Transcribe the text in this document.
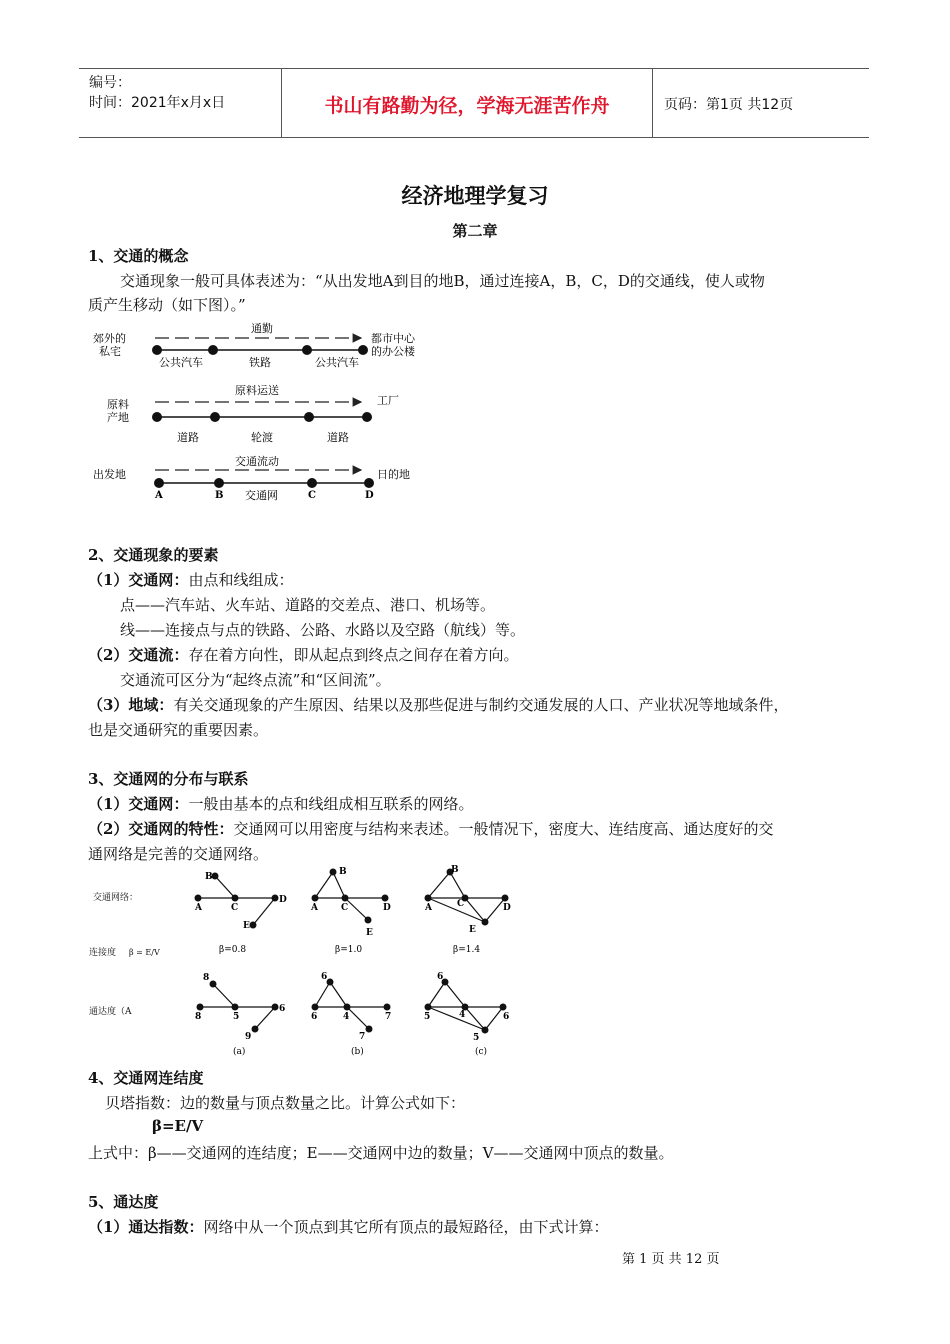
编号：
时间：2021年x月x日	书山有路勤为径，学海无涯苦作舟	页码：第1页 共12页
经济地理学复习
第二章
1、交通的概念
交通现象一般可具体表述为：“从出发地A到目的地B，通过连接A，B，C，D的交通线，使人或物
质产生移动（如下图）。”
郊外的
私宅
通勤
都市中心
的办公楼
公共汽车	铁路	公共汽车
原料
产地
原料运送
工厂
道路	轮渡	道路
出发地
交通流动
日的地
A	B	C	D
交通网
2、交通现象的要素
（1）交通网：由点和线组成：
点——汽车站、火车站、道路的交差点、港口、机场等。
线——连接点与点的铁路、公路、水路以及空路（航线）等。
（2）交通流：存在着方向性，即从起点到终点之间存在着方向。
交通流可区分为“起终点流”和“区间流”。
（3）地域：有关交通现象的产生原因、结果以及那些促进与制约交通发展的人口、产业状况等地域条件，
也是交通研究的重要因素。
3、交通网的分布与联系
（1）交通网：一般由基本的点和线组成相互联系的网络。
（2）交通网的特性：交通网可以用密度与结构来表述。一般情况下，密度大、连结度高、通达度好的交
通网络是完善的交通网络。
交通网络：
连接度 β = E/V
通达度（A
A
B
C
D
E
A
B
C	D
E
A
B
C	D
E
β=0.8	β=1.0	β=1.4
8
8	5
6
9
6
6	4	7
7
6
5	4	6
5
(a)	(b)	(c)
4、交通网连结度
贝塔指数：边的数量与顶点数量之比。计算公式如下：
β=E/V
上式中：β——交通网的连结度；E——交通网中边的数量；V——交通网中顶点的数量。
5、通达度
（1）通达指数：网络中从一个顶点到其它所有顶点的最短路径，由下式计算：
第 1 页 共 12 页
